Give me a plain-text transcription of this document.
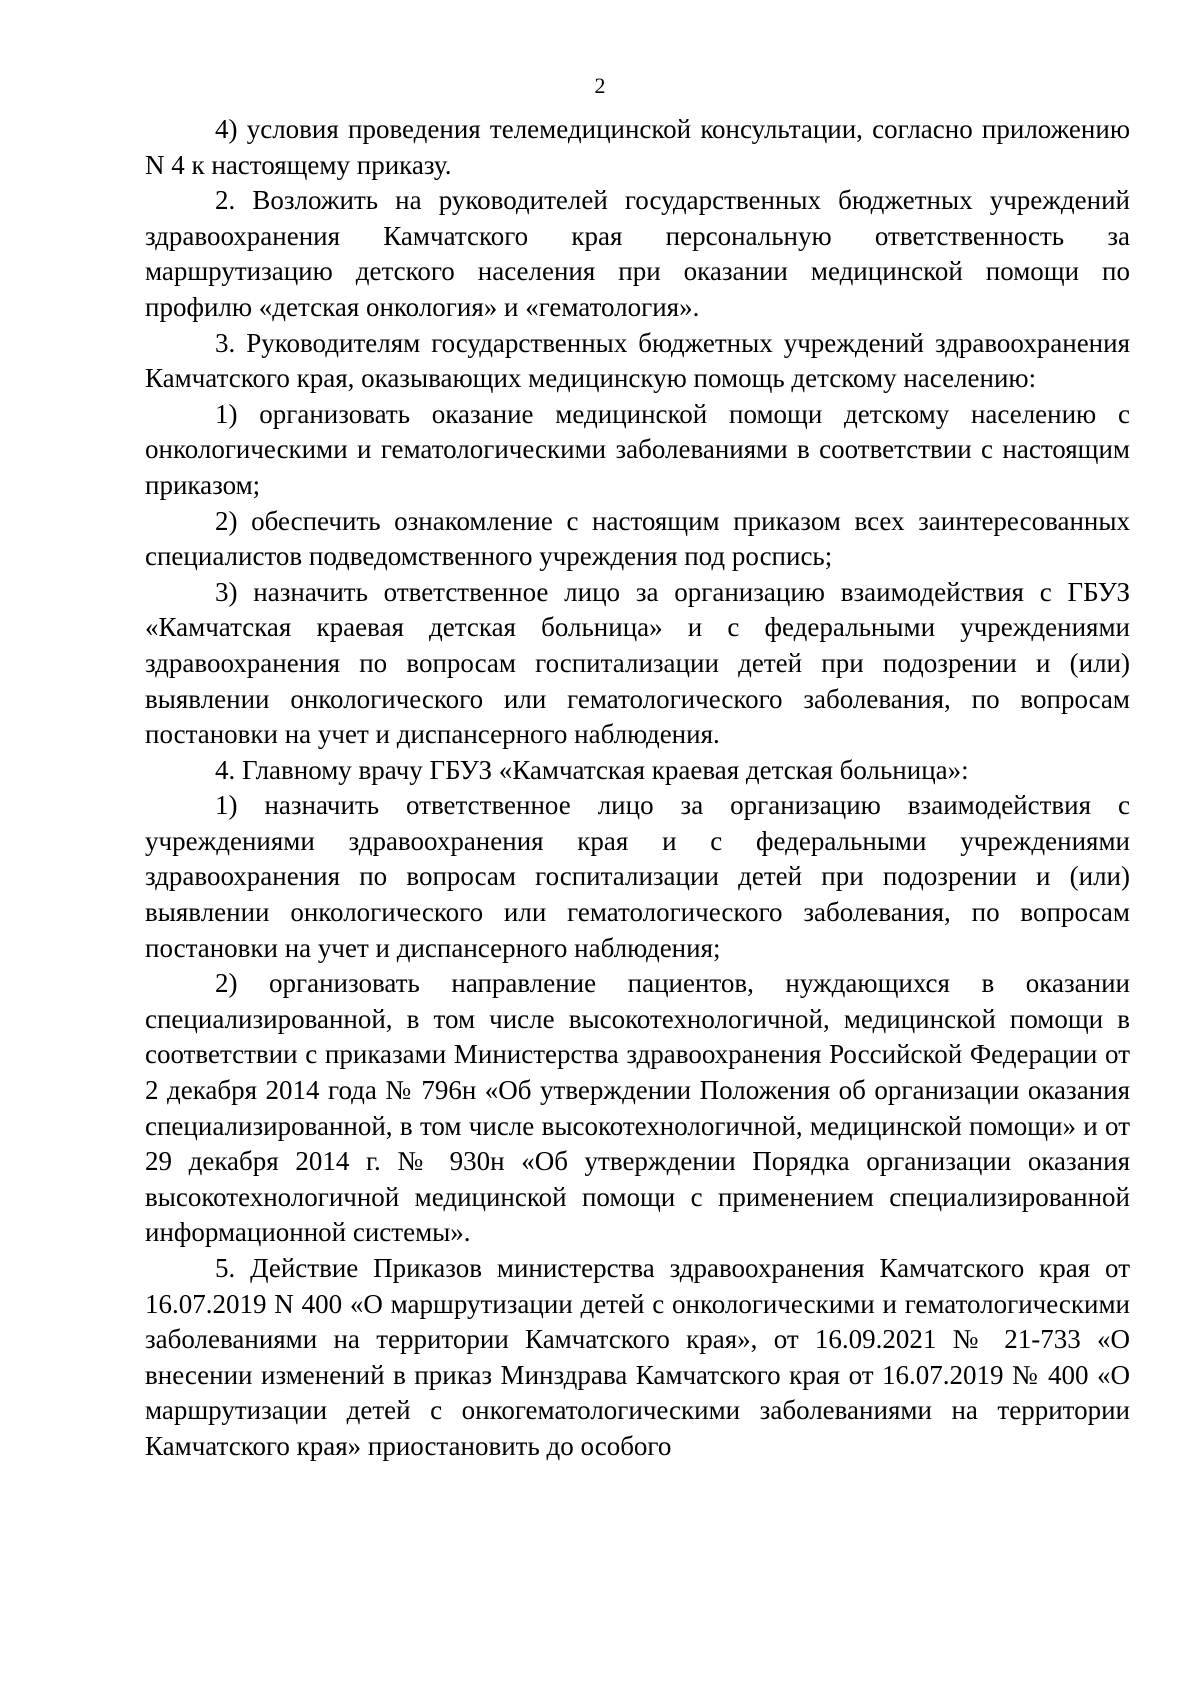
2

4) условия проведения телемедицинской консультации, согласно приложению N 4 к настоящему приказу.

2. Возложить на руководителей государственных бюджетных учреждений здравоохранения Камчатского края персональную ответственность за маршрутизацию детского населения при оказании медицинской помощи по профилю «детская онкология» и «гематология».

3. Руководителям государственных бюджетных учреждений здравоохранения Камчатского края, оказывающих медицинскую помощь детскому населению:

1) организовать оказание медицинской помощи детскому населению с онкологическими и гематологическими заболеваниями в соответствии с настоящим приказом;

2) обеспечить ознакомление с настоящим приказом всех заинтересованных специалистов подведомственного учреждения под роспись;

3) назначить ответственное лицо за организацию взаимодействия с ГБУЗ «Камчатская краевая детская больница» и с федеральными учреждениями здравоохранения по вопросам госпитализации детей при подозрении и (или) выявлении онкологического или гематологического заболевания, по вопросам постановки на учет и диспансерного наблюдения.

4. Главному врачу ГБУЗ «Камчатская краевая детская больница»:

1) назначить ответственное лицо за организацию взаимодействия с учреждениями здравоохранения края и с федеральными учреждениями здравоохранения по вопросам госпитализации детей при подозрении и (или) выявлении онкологического или гематологического заболевания, по вопросам постановки на учет и диспансерного наблюдения;

2) организовать направление пациентов, нуждающихся в оказании специализированной, в том числе высокотехнологичной, медицинской помощи в соответствии с приказами Министерства здравоохранения Российской Федерации от 2 декабря 2014 года № 796н «Об утверждении Положения об организации оказания специализированной, в том числе высокотехнологичной, медицинской помощи» и от 29 декабря 2014 г. № 930н «Об утверждении Порядка организации оказания высокотехнологичной медицинской помощи с применением специализированной информационной системы».

5. Действие Приказов министерства здравоохранения Камчатского края от 16.07.2019 N 400 «О маршрутизации детей с онкологическими и гематологическими заболеваниями на территории Камчатского края», от 16.09.2021 № 21-733 «О внесении изменений в приказ Минздрава Камчатского края от 16.07.2019 № 400 «О маршрутизации детей с онкогематологическими заболеваниями на территории Камчатского края» приостановить до особого
